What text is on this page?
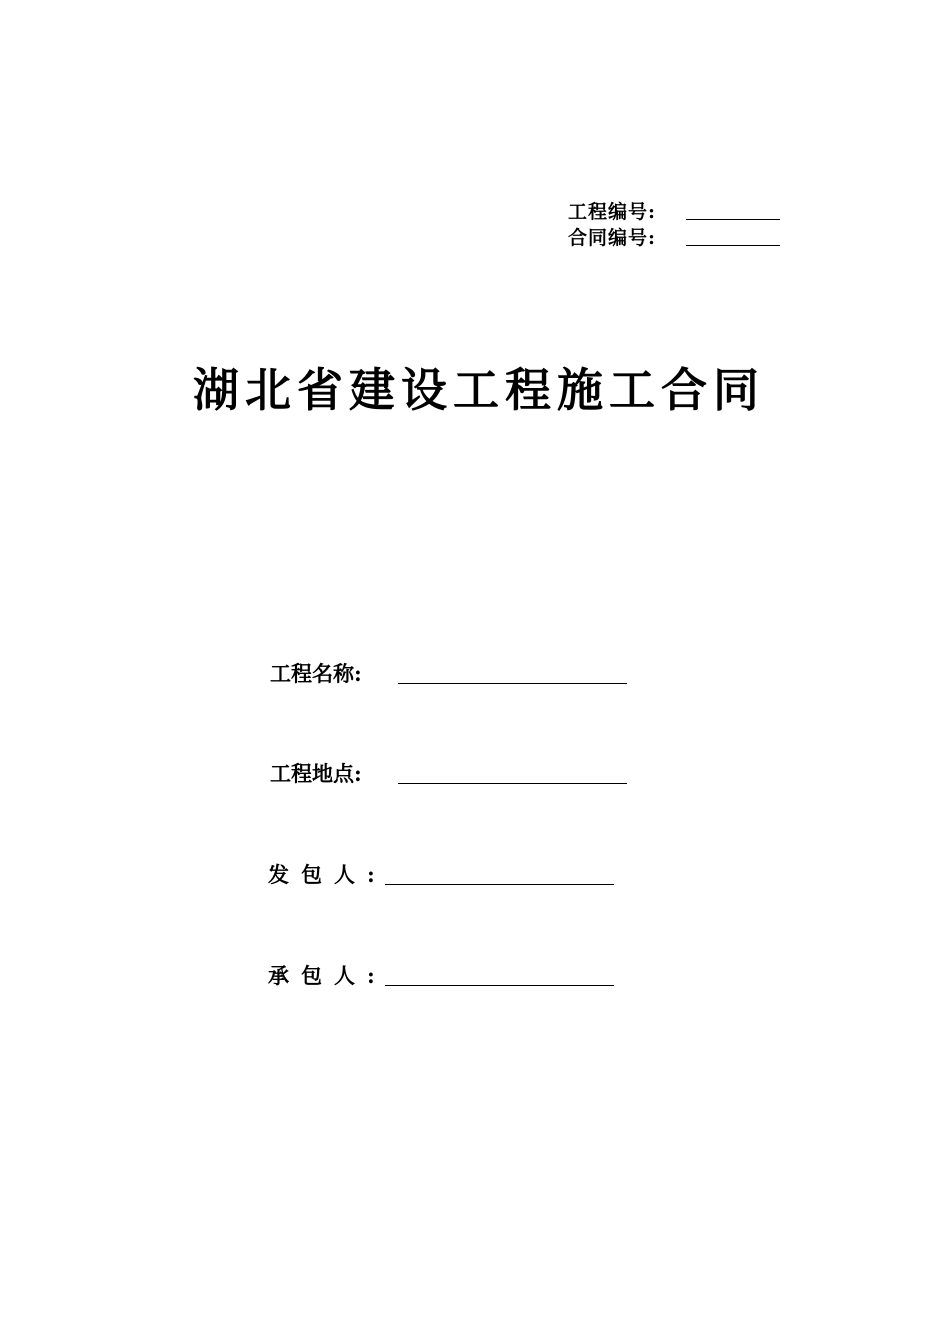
工程编号:
合同编号:
湖北省建设工程施工合同
工程名称:
工程地点:
发包人:
承包人:
